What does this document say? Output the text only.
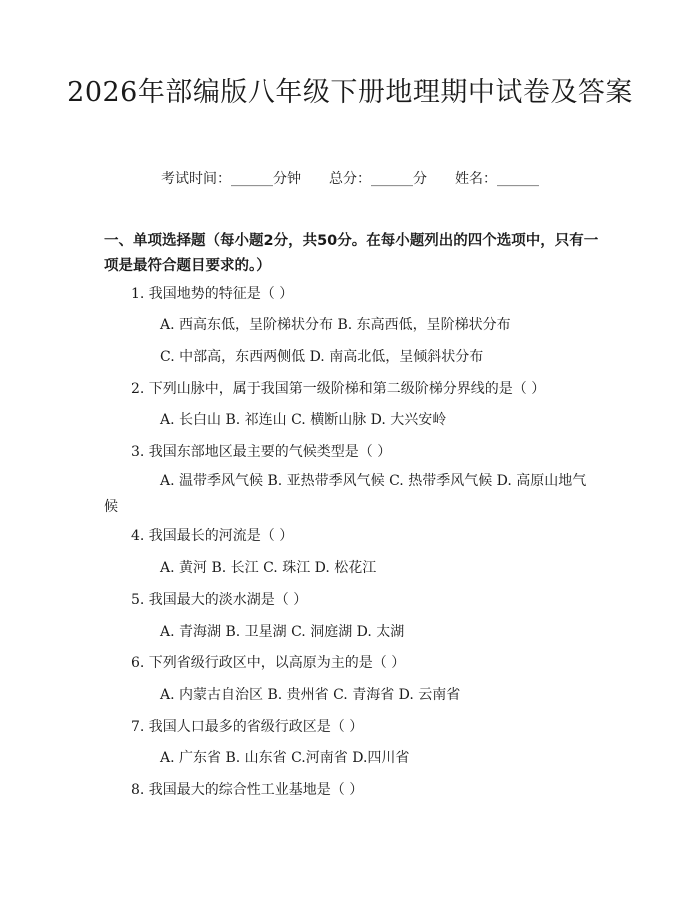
2026年部编版八年级下册地理期中试卷及答案
考试时间：______分钟 总分：______分 姓名：______
一、单项选择题（每小题2分，共50分。在每小题列出的四个选项中，只有一项是最符合题目要求的。）
1. 我国地势的特征是（ ）
A. 西高东低，呈阶梯状分布 B. 东高西低，呈阶梯状分布
C. 中部高，东西两侧低 D. 南高北低，呈倾斜状分布
2. 下列山脉中，属于我国第一级阶梯和第二级阶梯分界线的是（ ）
A. 长白山 B. 祁连山 C. 横断山脉 D. 大兴安岭
3. 我国东部地区最主要的气候类型是（ ）
A. 温带季风气候 B. 亚热带季风气候 C. 热带季风气候 D. 高原山地气候
4. 我国最长的河流是（ ）
A. 黄河 B. 长江 C. 珠江 D. 松花江
5. 我国最大的淡水湖是（ ）
A. 青海湖 B. 卫星湖 C. 洞庭湖 D. 太湖
6. 下列省级行政区中，以高原为主的是（ ）
A. 内蒙古自治区 B. 贵州省 C. 青海省 D. 云南省
7. 我国人口最多的省级行政区是（ ）
A. 广东省 B. 山东省 C.河南省 D.四川省
8. 我国最大的综合性工业基地是（ ）
